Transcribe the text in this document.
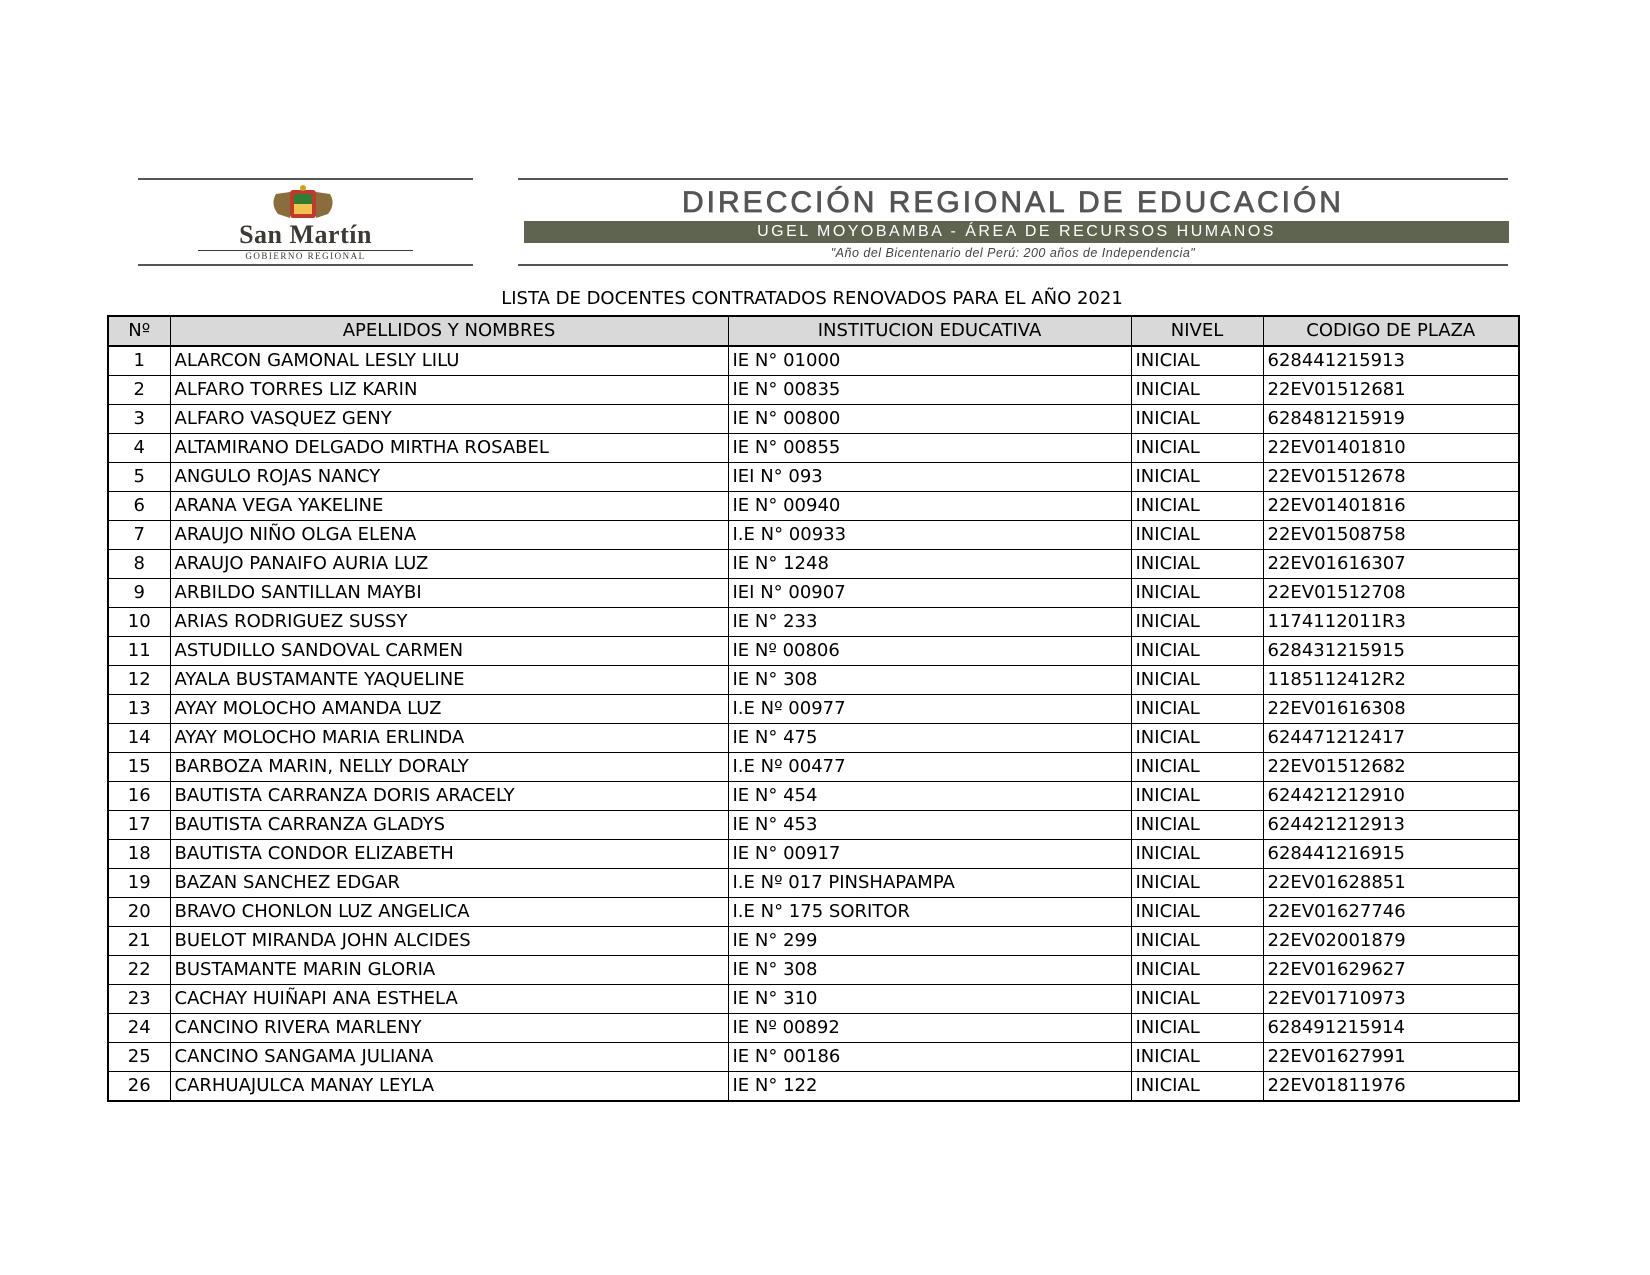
San Martín
GOBIERNO REGIONAL
DIRECCIÓN REGIONAL DE EDUCACIÓN
UGEL MOYOBAMBA - ÁREA DE RECURSOS HUMANOS
"Año del Bicentenario del Perú: 200 años de Independencia"
LISTA DE DOCENTES CONTRATADOS RENOVADOS PARA EL AÑO 2021
Nº	APELLIDOS Y NOMBRES	INSTITUCION EDUCATIVA	NIVEL	CODIGO DE PLAZA
1	ALARCON GAMONAL LESLY LILU	IE N° 01000	INICIAL	628441215913
2	ALFARO TORRES LIZ KARIN	IE N° 00835	INICIAL	22EV01512681
3	ALFARO VASQUEZ GENY	IE N° 00800	INICIAL	628481215919
4	ALTAMIRANO DELGADO MIRTHA ROSABEL	IE N° 00855	INICIAL	22EV01401810
5	ANGULO ROJAS NANCY	IEI N° 093	INICIAL	22EV01512678
6	ARANA VEGA YAKELINE	IE N° 00940	INICIAL	22EV01401816
7	ARAUJO NIÑO OLGA ELENA	I.E N° 00933	INICIAL	22EV01508758
8	ARAUJO PANAIFO AURIA LUZ	IE N° 1248	INICIAL	22EV01616307
9	ARBILDO SANTILLAN MAYBI	IEI N° 00907	INICIAL	22EV01512708
10	ARIAS RODRIGUEZ SUSSY	IE N° 233	INICIAL	1174112011R3
11	ASTUDILLO SANDOVAL CARMEN	IE Nº 00806	INICIAL	628431215915
12	AYALA BUSTAMANTE YAQUELINE	IE N° 308	INICIAL	1185112412R2
13	AYAY MOLOCHO AMANDA LUZ	I.E Nº 00977	INICIAL	22EV01616308
14	AYAY MOLOCHO MARIA ERLINDA	IE N° 475	INICIAL	624471212417
15	BARBOZA MARIN, NELLY DORALY	I.E Nº 00477	INICIAL	22EV01512682
16	BAUTISTA CARRANZA DORIS ARACELY	IE N° 454	INICIAL	624421212910
17	BAUTISTA CARRANZA GLADYS	IE N° 453	INICIAL	624421212913
18	BAUTISTA CONDOR ELIZABETH	IE N° 00917	INICIAL	628441216915
19	BAZAN SANCHEZ EDGAR	I.E Nº 017 PINSHAPAMPA	INICIAL	22EV01628851
20	BRAVO CHONLON LUZ ANGELICA	I.E N° 175 SORITOR	INICIAL	22EV01627746
21	BUELOT MIRANDA JOHN ALCIDES	IE N° 299	INICIAL	22EV02001879
22	BUSTAMANTE MARIN GLORIA	IE N° 308	INICIAL	22EV01629627
23	CACHAY HUIÑAPI ANA ESTHELA	IE N° 310	INICIAL	22EV01710973
24	CANCINO RIVERA MARLENY	IE Nº 00892	INICIAL	628491215914
25	CANCINO SANGAMA JULIANA	IE N° 00186	INICIAL	22EV01627991
26	CARHUAJULCA MANAY LEYLA	IE N° 122	INICIAL	22EV01811976
